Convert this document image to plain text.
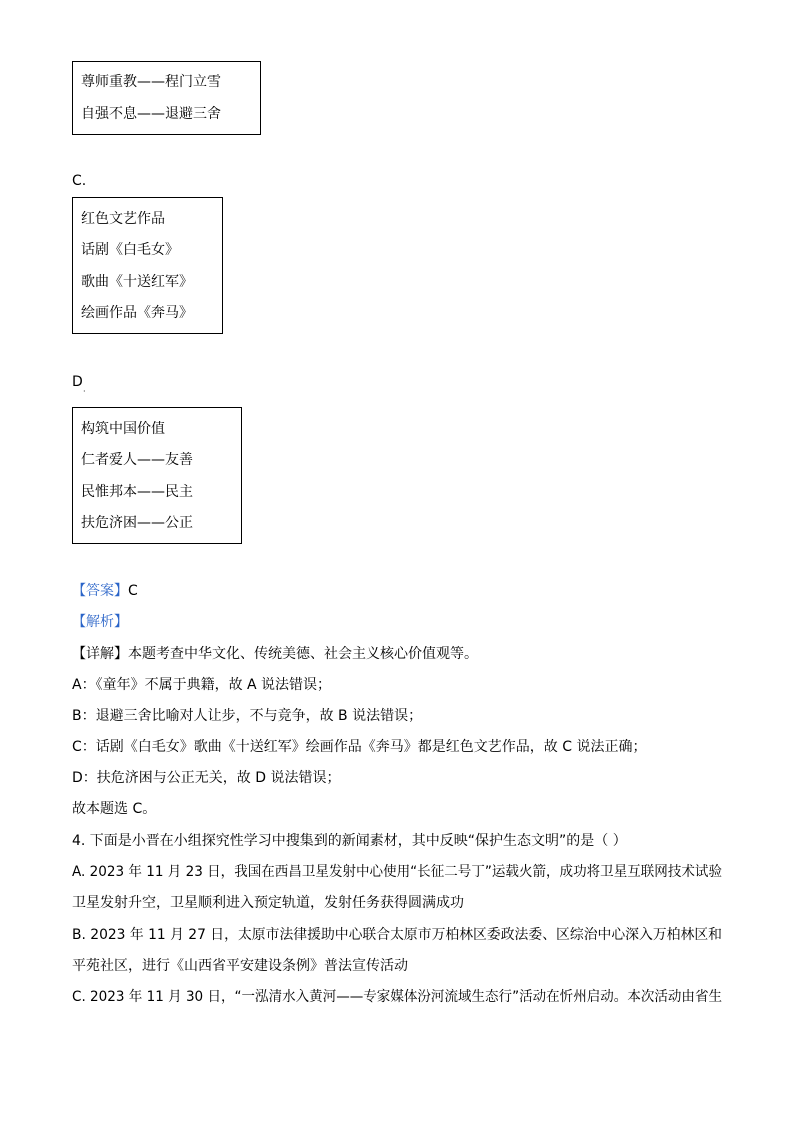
尊师重教——程门立雪
自强不息——退避三舍
C.
红色文艺作品
话剧《白毛女》
歌曲《十送红军》
绘画作品《奔马》
D
·
构筑中国价值
仁者爱人——友善
民惟邦本——民主
扶危济困——公正
【答案】C
【解析】
【详解】本题考查中华文化、传统美德、社会主义核心价值观等。
A：《童年》不属于典籍，故 A 说法错误；
B：退避三舍比喻对人让步，不与竞争，故 B 说法错误；
C：话剧《白毛女》歌曲《十送红军》绘画作品《奔马》都是红色文艺作品，故 C 说法正确；
D：扶危济困与公正无关，故 D 说法错误；
故本题选 C。
4. 下面是小晋在小组探究性学习中搜集到的新闻素材，其中反映“保护生态文明”的是（ ）
A. 2023 年 11 月 23 日，我国在西昌卫星发射中心使用“长征二号丁”运载火箭，成功将卫星互联网技术试验
卫星发射升空，卫星顺利进入预定轨道，发射任务获得圆满成功
B. 2023 年 11 月 27 日，太原市法律援助中心联合太原市万柏林区委政法委、区综治中心深入万柏林区和
平苑社区，进行《山西省平安建设条例》普法宣传活动
C. 2023 年 11 月 30 日，“一泓清水入黄河——专家媒体汾河流域生态行”活动在忻州启动。本次活动由省生
